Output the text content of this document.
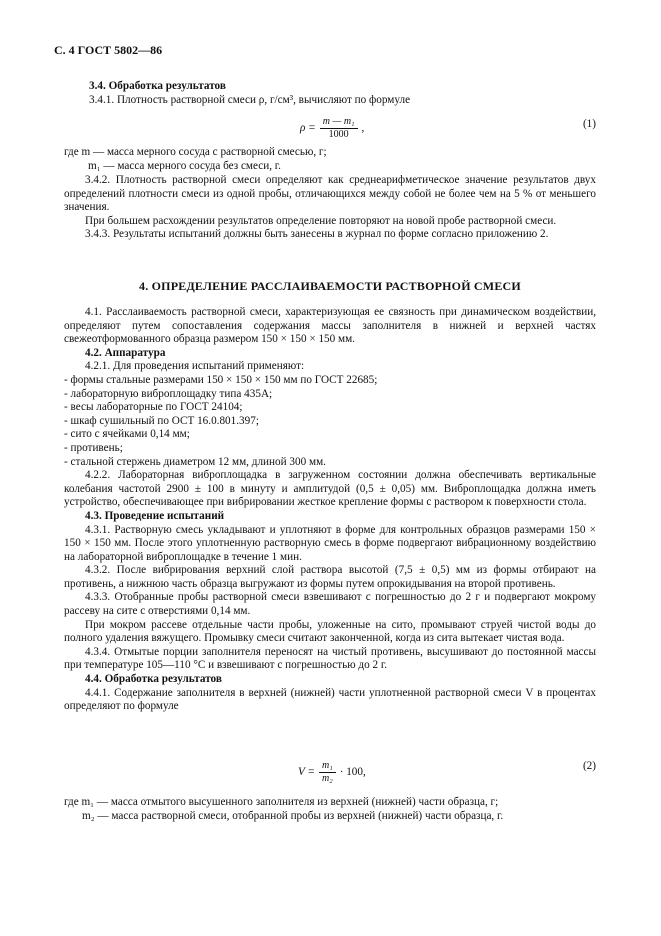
С. 4 ГОСТ 5802—86

3.4. Обработка результатов

3.4.1. Плотность растворной смеси ρ, г/см³, вычисляют по формуле

$\rho = \frac{\text{m — m₁}}{1000}$ ,	(1)

где m — масса мерного сосуда с растворной смесью, г;

m₁ — масса мерного сосуда без смеси, г.

3.4.2. Плотность растворной смеси определяют как среднеарифметическое значение результатов двух определений плотности смеси из одной пробы, отличающихся между собой не более чем на 5 % от меньшего значения.

При большем расхождении результатов определение повторяют на новой пробе растворной смеси.

3.4.3. Результаты испытаний должны быть занесены в журнал по форме согласно приложению 2.

4. ОПРЕДЕЛЕНИЕ РАССЛАИВАЕМОСТИ РАСТВОРНОЙ СМЕСИ

4.1. Расслаиваемость растворной смеси, характеризующая ее связность при динамическом воздействии, определяют путем сопоставления содержания массы заполнителя в нижней и верхней частях свежеотформованного образца размером 150 × 150 × 150 мм.

4.2. Аппаратура

4.2.1. Для проведения испытаний применяют:

- формы стальные размерами 150 × 150 × 150 мм по ГОСТ 22685;
- лабораторную виброплощадку типа 435А;
- весы лабораторные по ГОСТ 24104;
- шкаф сушильный по ОСТ 16.0.801.397;
- сито с ячейками 0,14 мм;
- противень;
- стальной стержень диаметром 12 мм, длиной 300 мм.

4.2.2. Лабораторная виброплощадка в загруженном состоянии должна обеспечивать вертикальные колебания частотой 2900 ± 100 в минуту и амплитудой (0,5 ± 0,05) мм. Виброплощадка должна иметь устройство, обеспечивающее при вибрировании жесткое крепление формы с раствором к поверхности стола.

4.3. Проведение испытаний

4.3.1. Растворную смесь укладывают и уплотняют в форме для контрольных образцов размерами 150 × 150 × 150 мм. После этого уплотненную растворную смесь в форме подвергают вибрационному воздействию на лабораторной виброплощадке в течение 1 мин.

4.3.2. После вибрирования верхний слой раствора высотой (7,5 ± 0,5) мм из формы отбирают на противень, а нижнюю часть образца выгружают из формы путем опрокидывания на второй противень.

4.3.3. Отобранные пробы растворной смеси взвешивают с погрешностью до 2 г и подвергают мокрому рассеву на сите с отверстиями 0,14 мм.

При мокром рассеве отдельные части пробы, уложенные на сито, промывают струей чистой воды до полного удаления вяжущего. Промывку смеси считают законченной, когда из сита вытекает чистая вода.

4.3.4. Отмытые порции заполнителя переносят на чистый противень, высушивают до постоянной массы при температуре 105—110 °С и взвешивают с погрешностью до 2 г.

4.4. Обработка результатов

4.4.1. Содержание заполнителя в верхней (нижней) части уплотненной растворной смеси V в процентах определяют по формуле

$V = \frac{\text{m₁}}{\text{m₂}} \cdot 100$,	(2)

где m₁ — масса отмытого высушенного заполнителя из верхней (нижней) части образца, г;

m₂ — масса растворной смеси, отобранной пробы из верхней (нижней) части образца, г.
